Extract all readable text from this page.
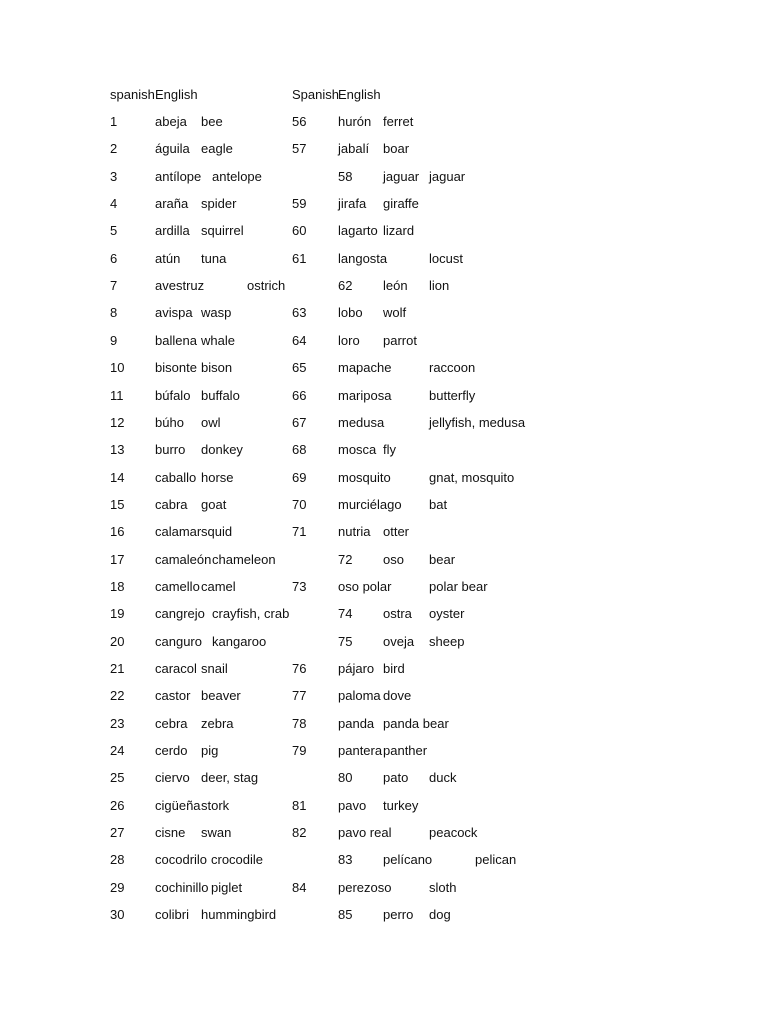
spanish English	Spanish English
1	abeja bee	56 hurón ferret
2	águila eagle	57 jabalí boar
3	antílope antelope	58 jaguar jaguar
4	araña spider	59 jirafa giraffe
5	ardilla squirrel	60 lagarto lizard
6	atún tuna	61 langosta	locust
7	avestruz	ostrich	62 león lion
8	avispa wasp	63 lobo wolf
9	ballena whale	64 loro parrot
10 bisonte bison	65 mapache	raccoon
11 búfalo buffalo	66 mariposa	butterfly
12 búho owl	67 medusa	jellyfish, medusa
13 burro donkey	68 mosca fly
14 caballo horse	69 mosquito	gnat, mosquito
15 cabra goat	70 murciélago bat
16 calamar squid	71 nutria otter
17 camaleón chameleon	72 oso bear
18 camello camel	73 oso polar	polar bear
19 cangrejo crayfish, crab	74 ostra oyster
20 canguro kangaroo	75 oveja sheep
21 caracol snail	76 pájaro bird
22 castor beaver	77 paloma dove
23 cebra zebra	78 panda panda bear
24 cerdo pig	79 pantera panther
25 ciervo deer, stag	80 pato duck
26 cigüeña stork	81 pavo turkey
27 cisne swan	82 pavo real	peacock
28 cocodrilo crocodile	83 pelícano	pelican
29 cochinillo piglet	84 perezoso	sloth
30 colibri hummingbird	85 perro dog
